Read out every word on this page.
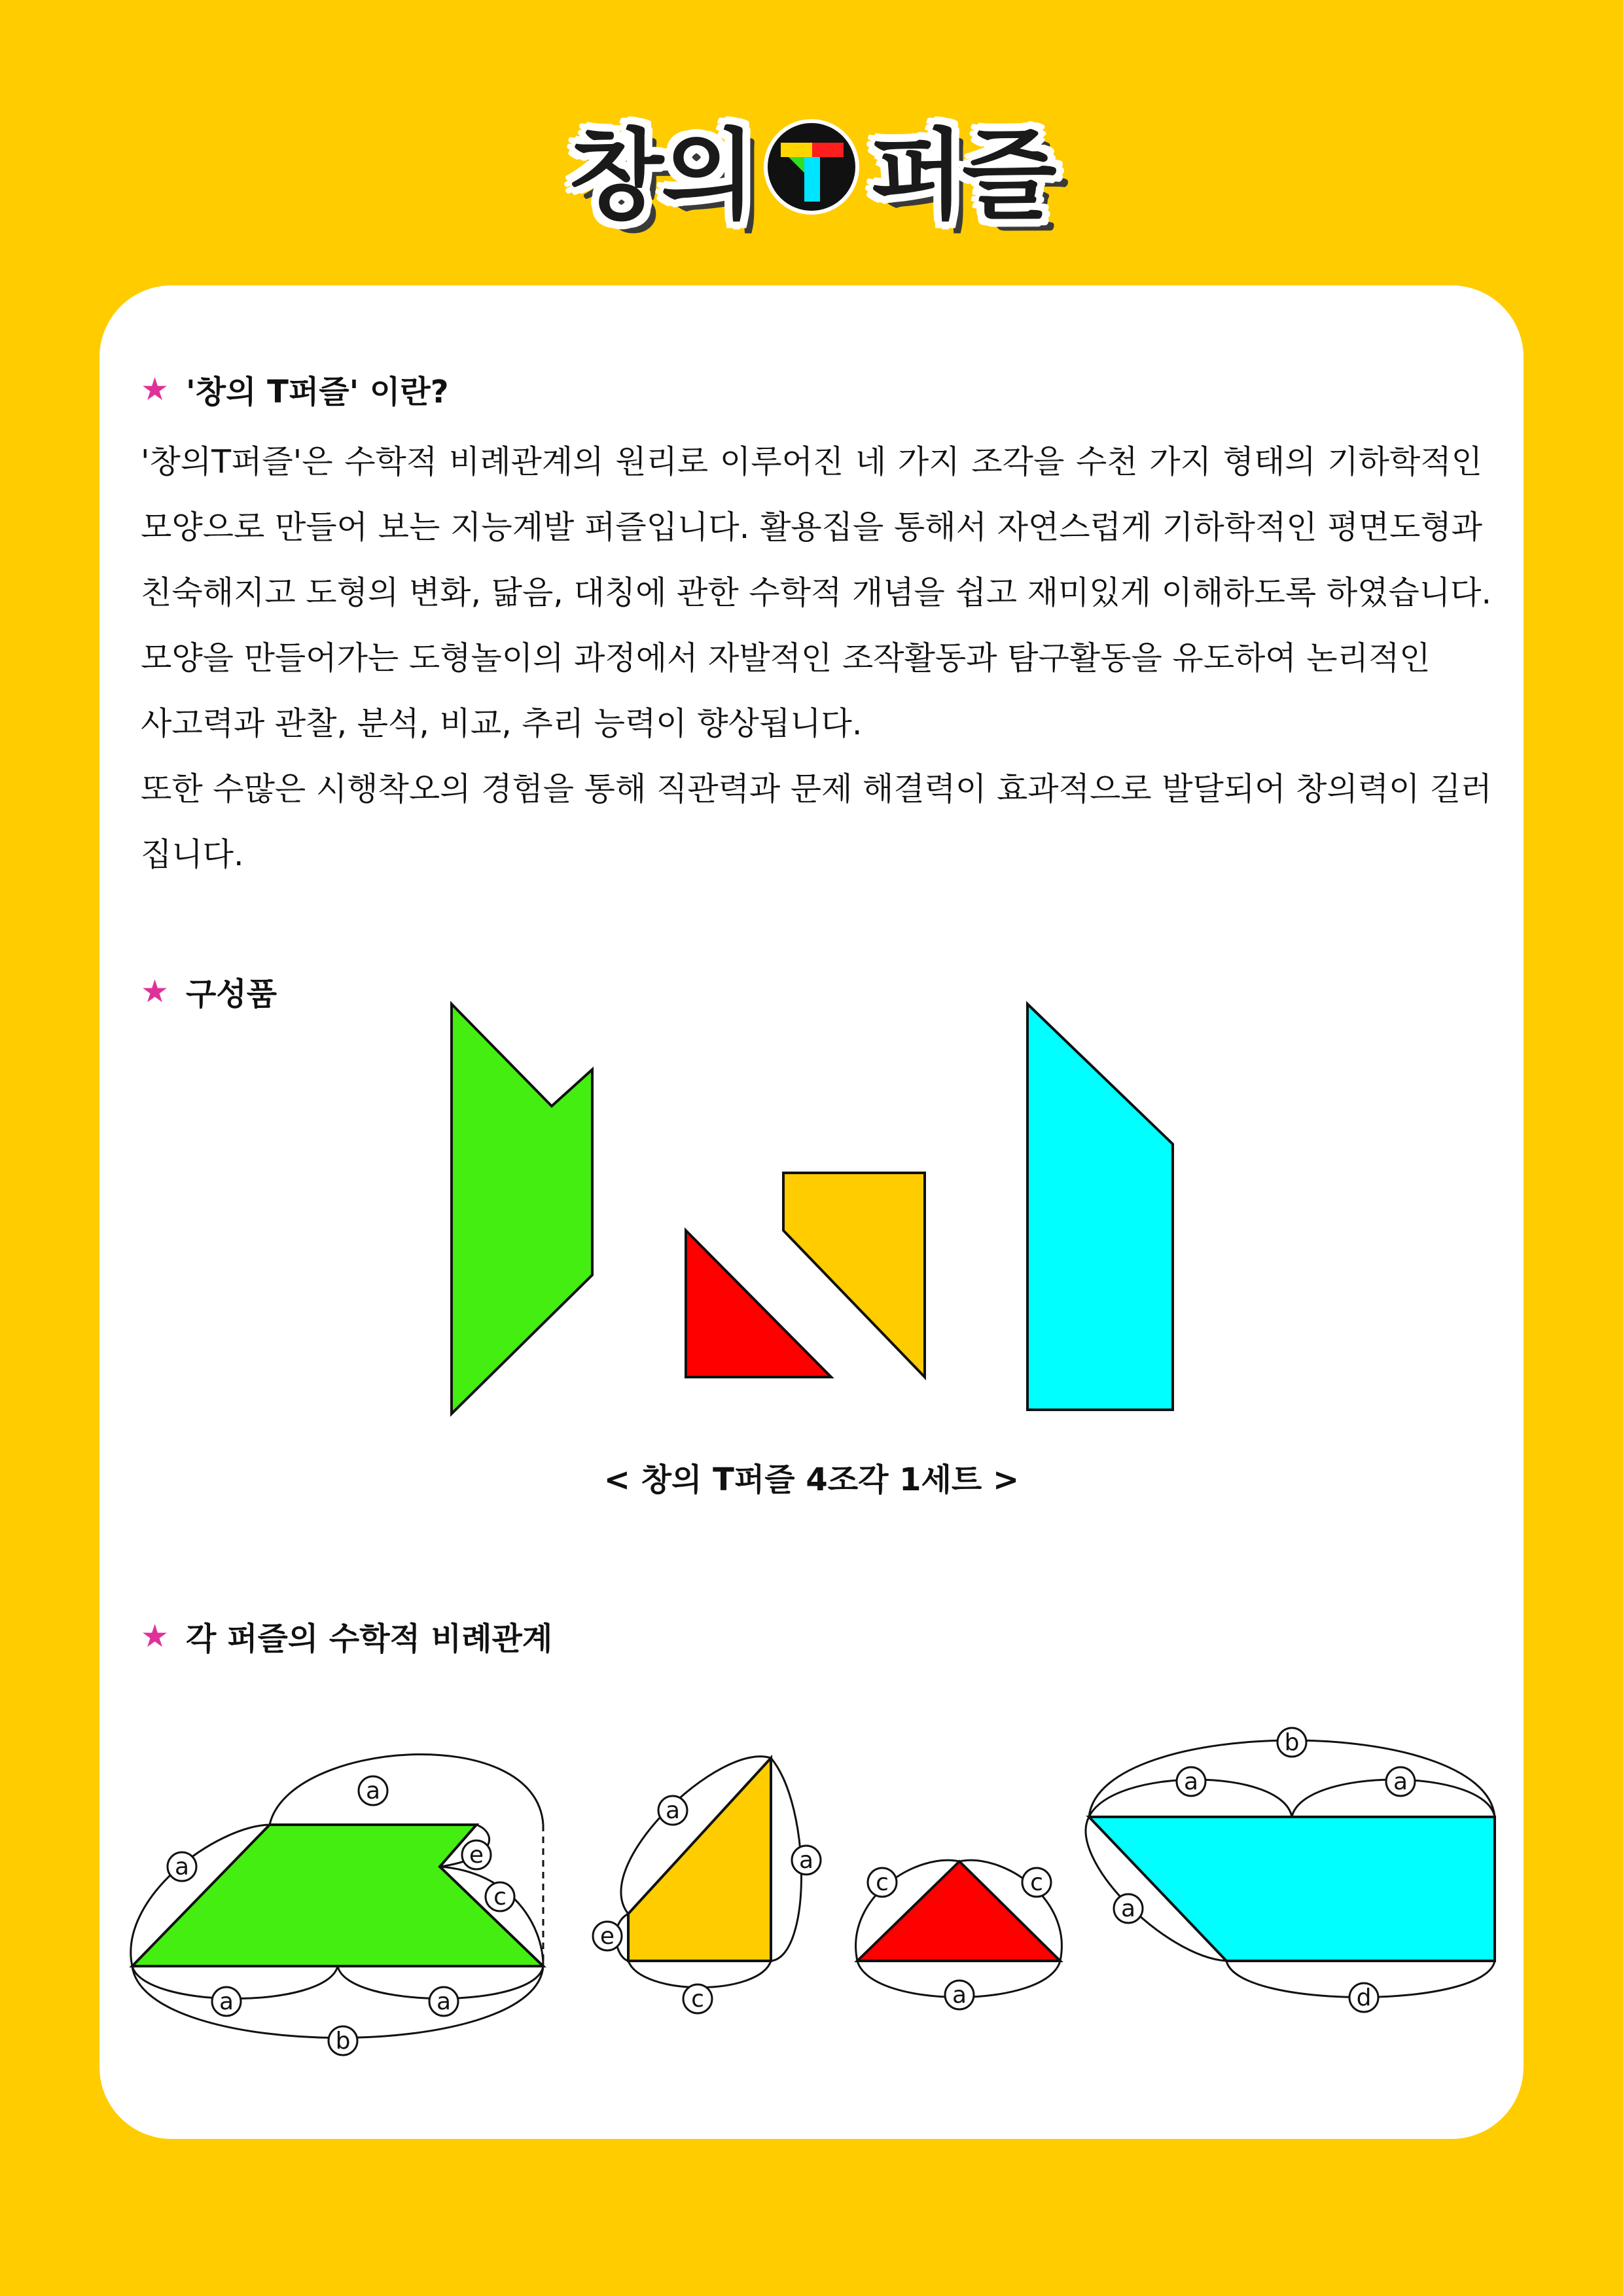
창의 퍼즐
★ '창의 T퍼즐' 이란?
'창의T퍼즐'은 수학적 비례관계의 원리로 이루어진 네 가지 조각을 수천 가지 형태의 기하학적인
모양으로 만들어 보는 지능계발 퍼즐입니다. 활용집을 통해서 자연스럽게 기하학적인 평면도형과
친숙해지고 도형의 변화, 닮음, 대칭에 관한 수학적 개념을 쉽고 재미있게 이해하도록 하였습니다.
모양을 만들어가는 도형놀이의 과정에서 자발적인 조작활동과 탐구활동을 유도하여 논리적인
사고력과 관찰, 분석, 비교, 추리 능력이 향상됩니다.
또한 수많은 시행착오의 경험을 통해 직관력과 문제 해결력이 효과적으로 발달되어 창의력이 길러
집니다.
★ 구성품
< 창의 T퍼즐 4조각 1세트 >
★ 각 퍼즐의 수학적 비례관계
a
a	e
c
a	a
b
a
a
e
c
c	c
a
b
a	a
a
d
